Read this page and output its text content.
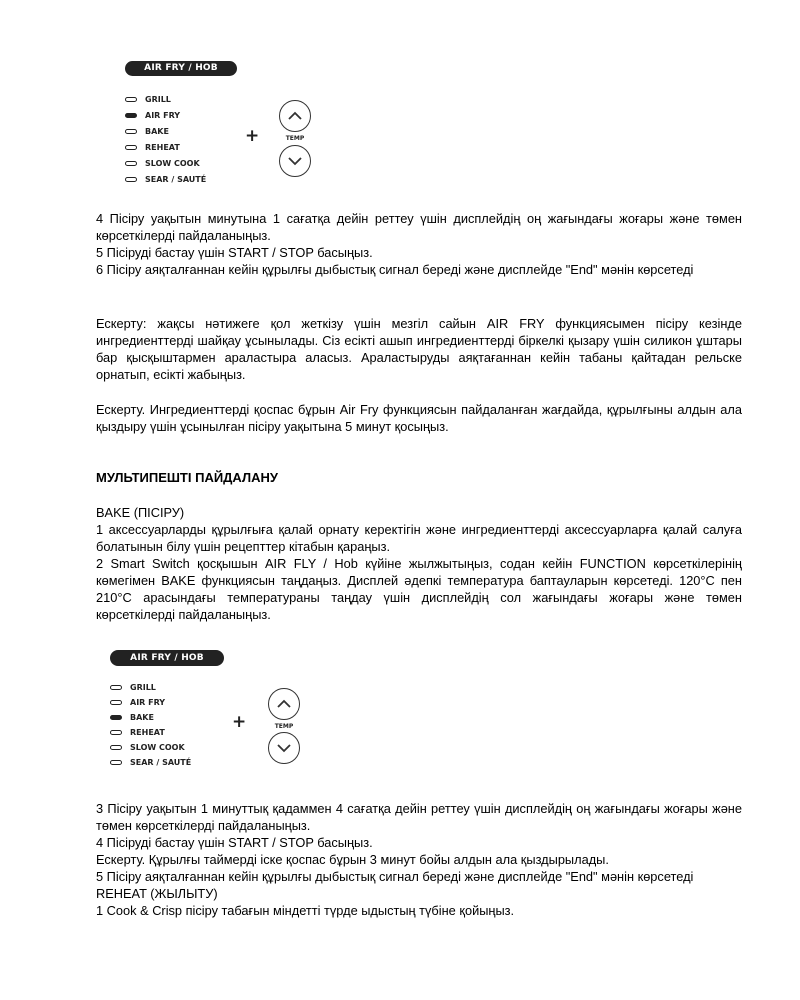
AIR FRY / HOB
GRILL
AIR FRY
BAKE
REHEAT
SLOW COOK
SEAR / SAUTÉ
+	TEMP

4 Пісіру уақытын минутына 1 сағатқа дейін реттеу үшін дисплейдің оң жағындағы жоғары және төмен көрсеткілерді пайдаланыңыз.

5 Пісіруді бастау үшін START / STOP басыңыз.

6 Пісіру аяқталғаннан кейін құрылғы дыбыстық сигнал береді және дисплейде "End" мәнін көрсетеді

Ескерту: жақсы нәтижеге қол жеткізу үшін мезгіл сайын AIR FRY функциясымен пісіру кезінде ингредиенттерді шайқау ұсынылады. Сіз есікті ашып ингредиенттерді біркелкі қызару үшін силикон ұштары бар қысқыштармен араластыра аласыз. Араластыруды аяқтағаннан кейін табаны қайтадан рельске орнатып, есікті жабыңыз.

Ескерту. Ингредиенттерді қоспас бұрын Air Fry функциясын пайдаланған жағдайда, құрылғыны алдын ала қыздыру үшін ұсынылған пісіру уақытына 5 минут қосыңыз.

МУЛЬТИПЕШТІ ПАЙДАЛАНУ

BAKE (ПІСІРУ)

1 аксессуарларды құрылғыға қалай орнату керектігін және ингредиенттерді аксессуарларға қалай салуға болатынын білу үшін рецепттер кітабын қараңыз.

2 Smart Switch қосқышын AIR FLY / Hob күйіне жылжытыңыз, содан кейін FUNCTION көрсеткілерінің көмегімен BAKE функциясын таңдаңыз. Дисплей әдепкі температура баптауларын көрсетеді. 120°C пен 210°C арасындағы температураны таңдау үшін дисплейдің сол жағындағы жоғары және төмен көрсеткілерді пайдаланыңыз.

AIR FRY / HOB
GRILL
AIR FRY
BAKE
REHEAT
SLOW COOK
SEAR / SAUTÉ
+	TEMP

3 Пісіру уақытын 1 минуттық қадаммен 4 сағатқа дейін реттеу үшін дисплейдің оң жағындағы жоғары және төмен көрсеткілерді пайдаланыңыз.

4 Пісіруді бастау үшін START / STOP басыңыз.

Ескерту. Құрылғы таймерді іске қоспас бұрын 3 минут бойы алдын ала қыздырылады.

5 Пісіру аяқталғаннан кейін құрылғы дыбыстық сигнал береді және дисплейде "End" мәнін көрсетеді

REHEAT (ЖЫЛЫТУ)

1 Cook & Crisp пісіру табағын міндетті түрде ыдыстың түбіне қойыңыз.
